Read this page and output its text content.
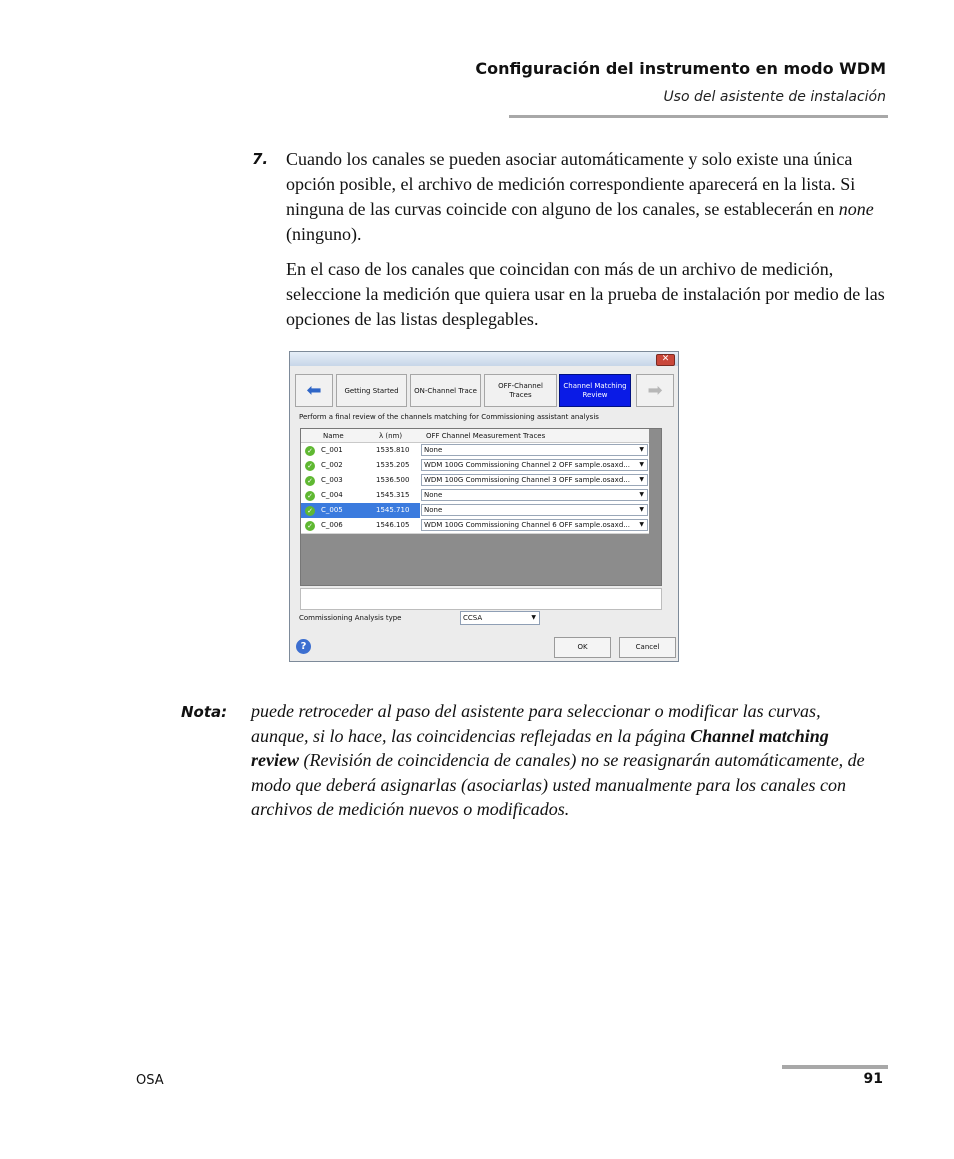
Configuración del instrumento en modo WDM
Uso del asistente de instalación
7. Cuando los canales se pueden asociar automáticamente y solo existe una única opción posible, el archivo de medición correspondiente aparecerá en la lista. Si ninguna de las curvas coincide con alguno de los canales, se establecerán en none (ninguno).

En el caso de los canales que coincidan con más de un archivo de medición, seleccione la medición que quiera usar en la prueba de instalación por medio de las opciones de las listas desplegables.

✕
⬅	Getting Started ON-Channel Trace
OFF-Channel Traces
Channel Matching Review	➡
Perform a final review of the channels matching for Commissioning assistant analysis
Name	λ (nm)	OFF Channel Measurement Traces
✓ C_001	1535.810	None	▼
✓ C_002	1535.205	WDM 100G Commissioning Channel 2 OFF sample.osaxd... ▼
✓ C_003	1536.500	WDM 100G Commissioning Channel 3 OFF sample.osaxd... ▼
✓ C_004	1545.315	None	▼
✓ C_005	1545.710	None	▼
✓ C_006	1546.105	WDM 100G Commissioning Channel 6 OFF sample.osaxd... ▼
Commissioning Analysis type	CCSA	▼
?	OK	Cancel
Nota: puede retroceder al paso del asistente para seleccionar o modificar las curvas, aunque, si lo hace, las coincidencias reflejadas en la página Channel matching review (Revisión de coincidencia de canales) no se reasignarán automáticamente, de modo que deberá asignarlas (asociarlas) usted manualmente para los canales con archivos de medición nuevos o modificados.

OSA	91
